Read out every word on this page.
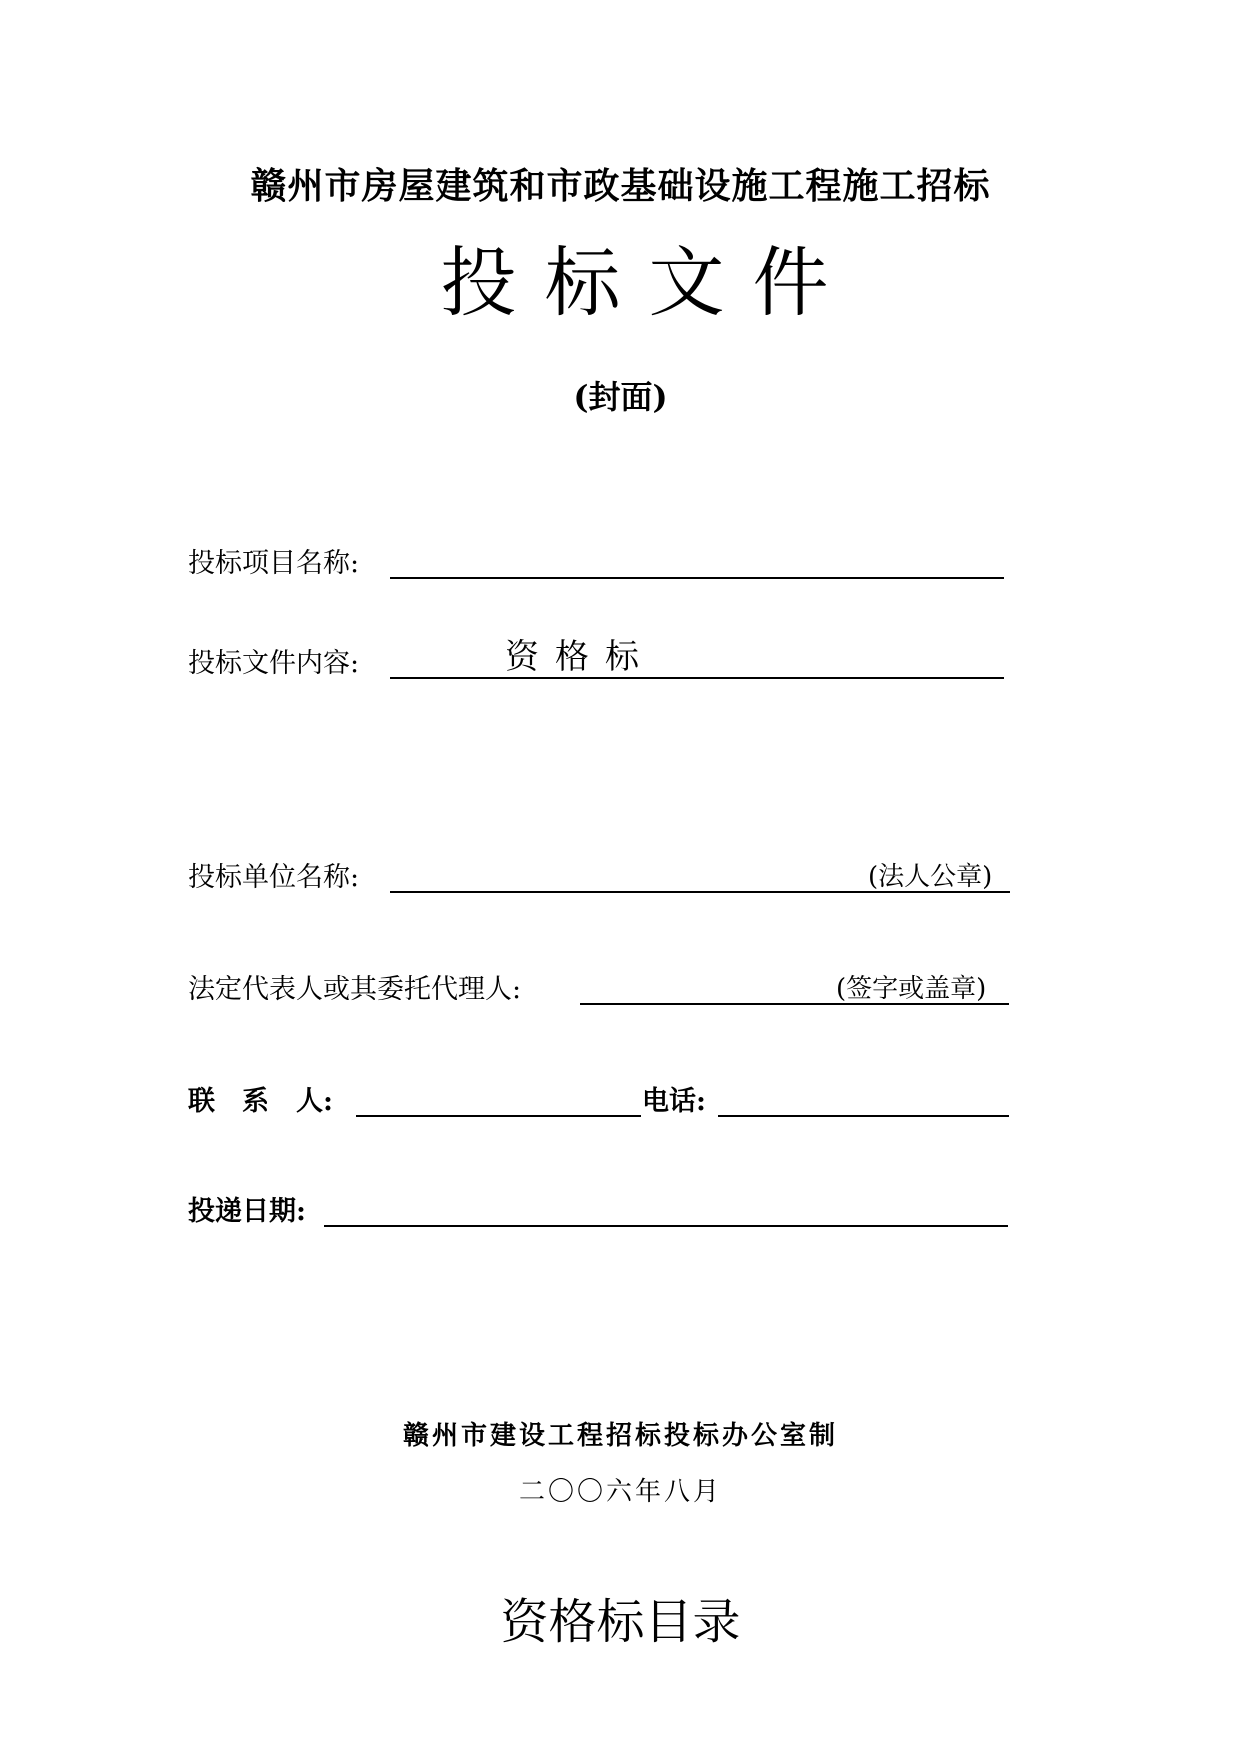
赣州市房屋建筑和市政基础设施工程施工招标
投标文件
(封面)
投标项目名称:
投标文件内容:	资格标
投标单位名称:	(法人公章)
法定代表人或其委托代理人:	(签字或盖章)
联　系　人:	电话:
投递日期:
赣州市建设工程招标投标办公室制
二〇〇六年八月
资格标目录
